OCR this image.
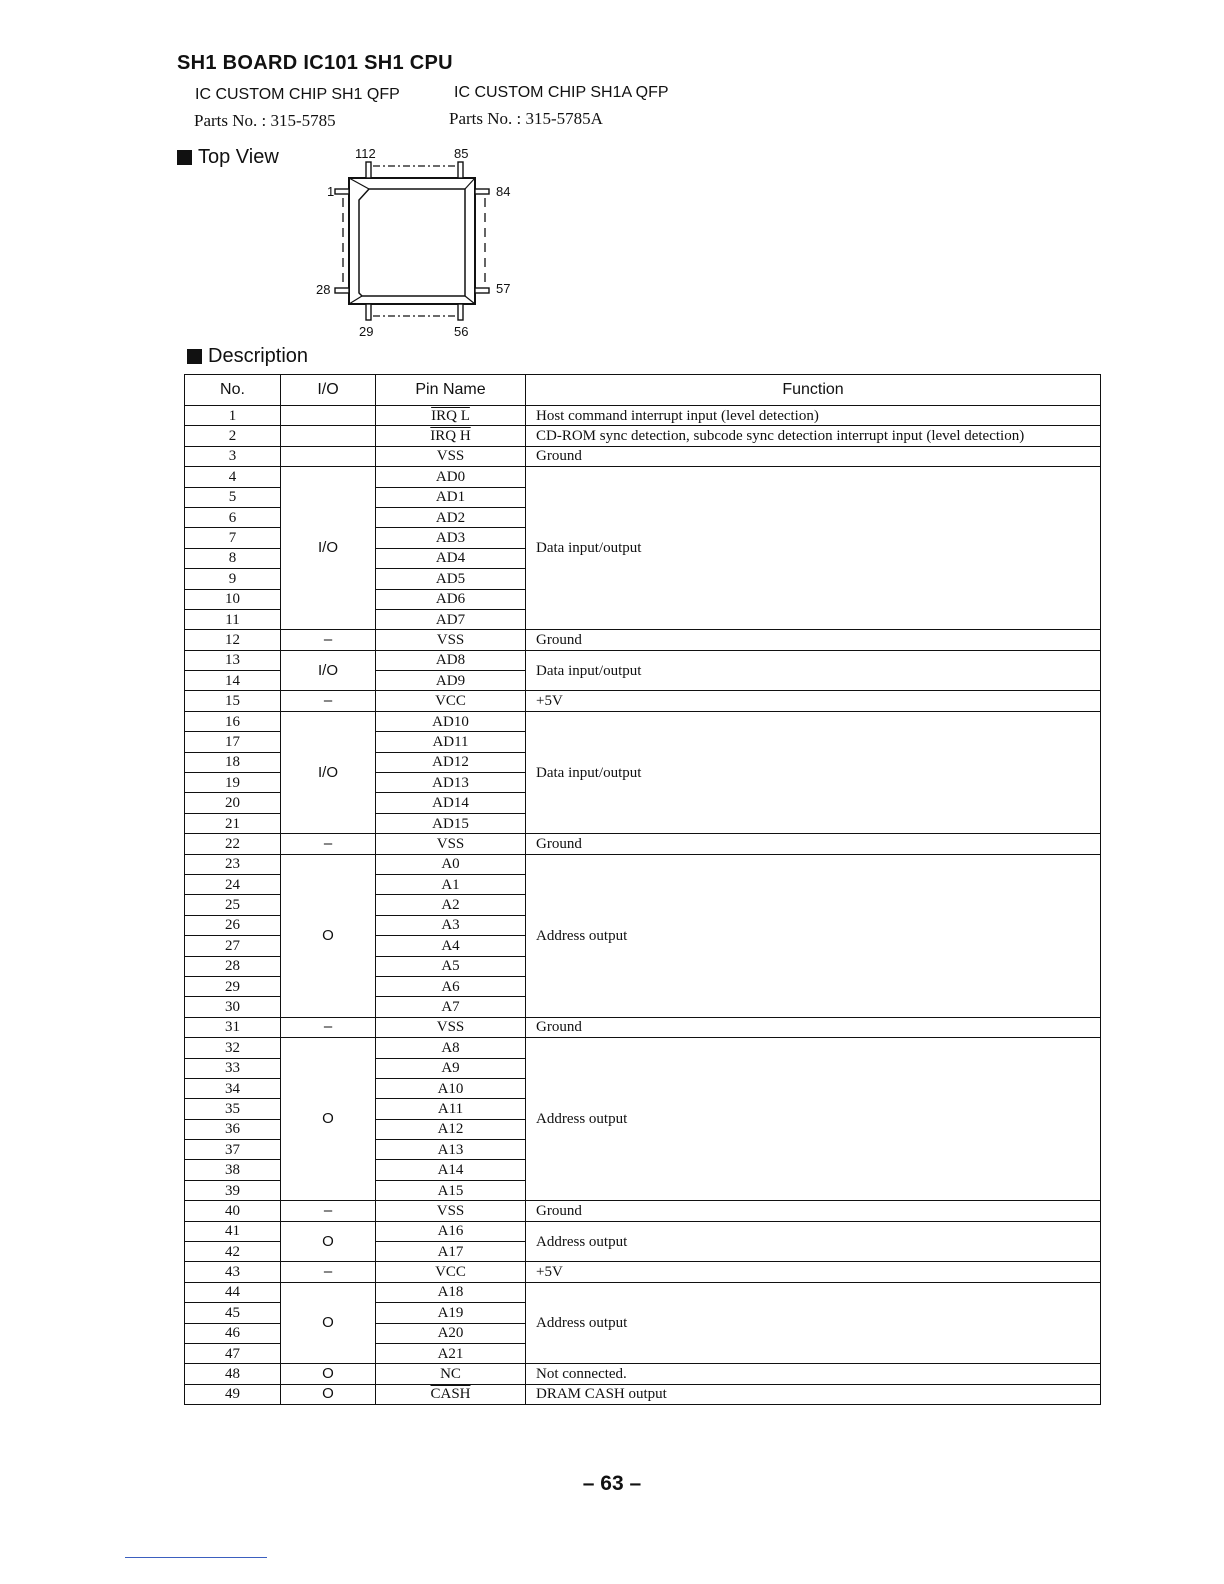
SH1 BOARD IC101 SH1 CPU
IC CUSTOM CHIP SH1 QFP	IC CUSTOM CHIP SH1A QFP
Parts No. : 315-5785	Parts No. : 315-5785A
Top View	112	85
1	84
28	57
29	56
Description
No.	I/O	Pin Name	Function
1		IRQ L	Host command interrupt input (level detection)
2		IRQ H	CD-ROM sync detection, subcode sync detection interrupt input (level detection)
3		VSS	Ground
4	I/O	AD0	Data input/output
5		AD1	
6		AD2	
7		AD3	
8		AD4	
9		AD5	
10		AD6	
11		AD7	
12	–	VSS	Ground
13	I/O	AD8	Data input/output
14		AD9	
15	–	VCC	+5V
16	I/O	AD10	Data input/output
17		AD11	
18		AD12	
19		AD13	
20		AD14	
21		AD15	
22	–	VSS	Ground
23	O	A0	Address output
24		A1	
25		A2	
26		A3	
27		A4	
28		A5	
29		A6	
30		A7	
31	–	VSS	Ground
32	O	A8	Address output
33		A9	
34		A10	
35		A11	
36		A12	
37		A13	
38		A14	
39		A15	
40	–	VSS	Ground
41	O	A16	Address output
42		A17	
43	–	VCC	+5V
44	O	A18	Address output
45		A19	
46		A20	
47		A21	
48	O	NC	Not connected.
49	O	CASH	DRAM CASH output
– 63 –
